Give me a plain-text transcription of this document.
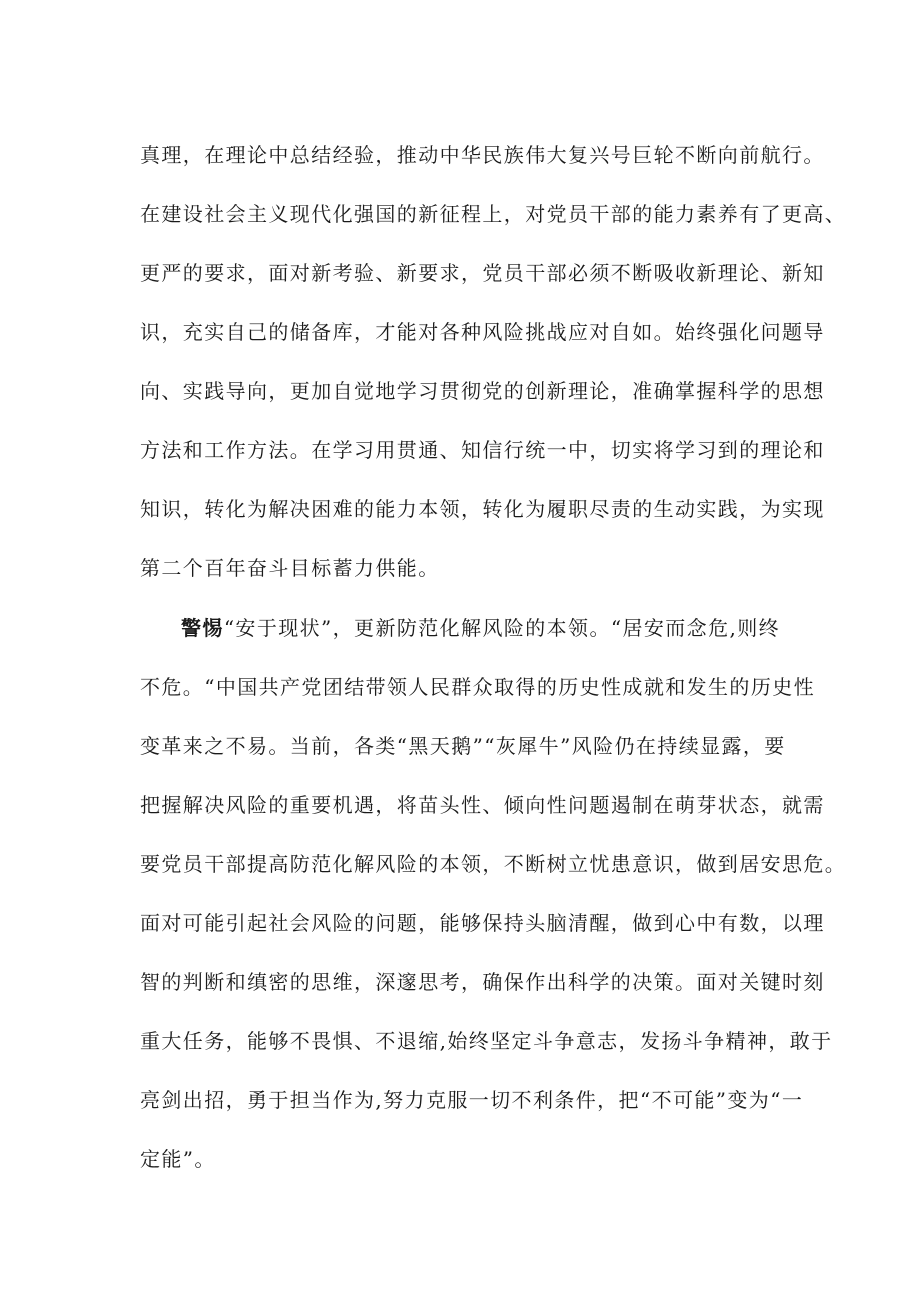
真理，在理论中总结经验，推动中华民族伟大复兴号巨轮不断向前航行。
在建设社会主义现代化强国的新征程上，对党员干部的能力素养有了更高、
更严的要求，面对新考验、新要求，党员干部必须不断吸收新理论、新知
识，充实自己的储备库，才能对各种风险挑战应对自如。始终强化问题导
向、实践导向，更加自觉地学习贯彻党的创新理论，准确掌握科学的思想
方法和工作方法。在学习用贯通、知信行统一中，切实将学习到的理论和
知识，转化为解决困难的能力本领，转化为履职尽责的生动实践，为实现
第二个百年奋斗目标蓄力供能。
警惕“安于现状”，更新防范化解风险的本领。“居安而念危,则终
不危。“中国共产党团结带领人民群众取得的历史性成就和发生的历史性
变革来之不易。当前，各类“黑天鹅”“灰犀牛”风险仍在持续显露，要
把握解决风险的重要机遇，将苗头性、倾向性问题遏制在萌芽状态，就需
要党员干部提高防范化解风险的本领，不断树立忧患意识，做到居安思危。
面对可能引起社会风险的问题，能够保持头脑清醒，做到心中有数，以理
智的判断和缜密的思维，深邃思考，确保作出科学的决策。面对关键时刻
重大任务，能够不畏惧、不退缩,始终坚定斗争意志，发扬斗争精神，敢于
亮剑出招，勇于担当作为,努力克服一切不利条件，把“不可能”变为“一
定能”。
